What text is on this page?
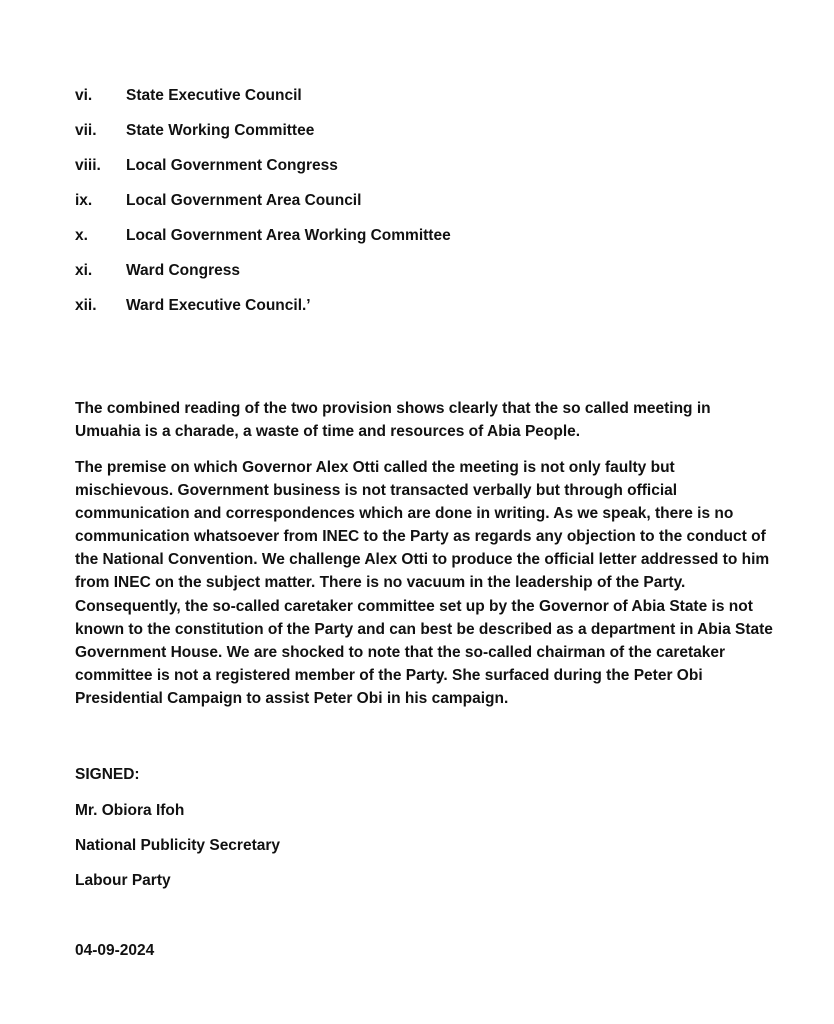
vi.	State Executive Council
vii.	State Working Committee
viii.	Local Government Congress
ix.	Local Government Area Council
x.	Local Government Area Working Committee
xi.	Ward Congress
xii.	Ward Executive Council.’

The combined reading of the two provision shows clearly that the so called meeting in Umuahia is a charade, a waste of time and resources of Abia People.

The premise on which Governor Alex Otti called the meeting is not only faulty but mischievous. Government business is not transacted verbally but through official communication and correspondences which are done in writing. As we speak, there is no communication whatsoever from INEC to the Party as regards any objection to the conduct of the National Convention. We challenge Alex Otti to produce the official letter addressed to him from INEC on the subject matter. There is no vacuum in the leadership of the Party. Consequently, the so-called caretaker committee set up by the Governor of Abia State is not known to the constitution of the Party and can best be described as a department in Abia State Government House. We are shocked to note that the so-called chairman of the caretaker committee is not a registered member of the Party. She surfaced during the Peter Obi Presidential Campaign to assist Peter Obi in his campaign.

SIGNED:

Mr. Obiora Ifoh

National Publicity Secretary

Labour Party

04-09-2024
